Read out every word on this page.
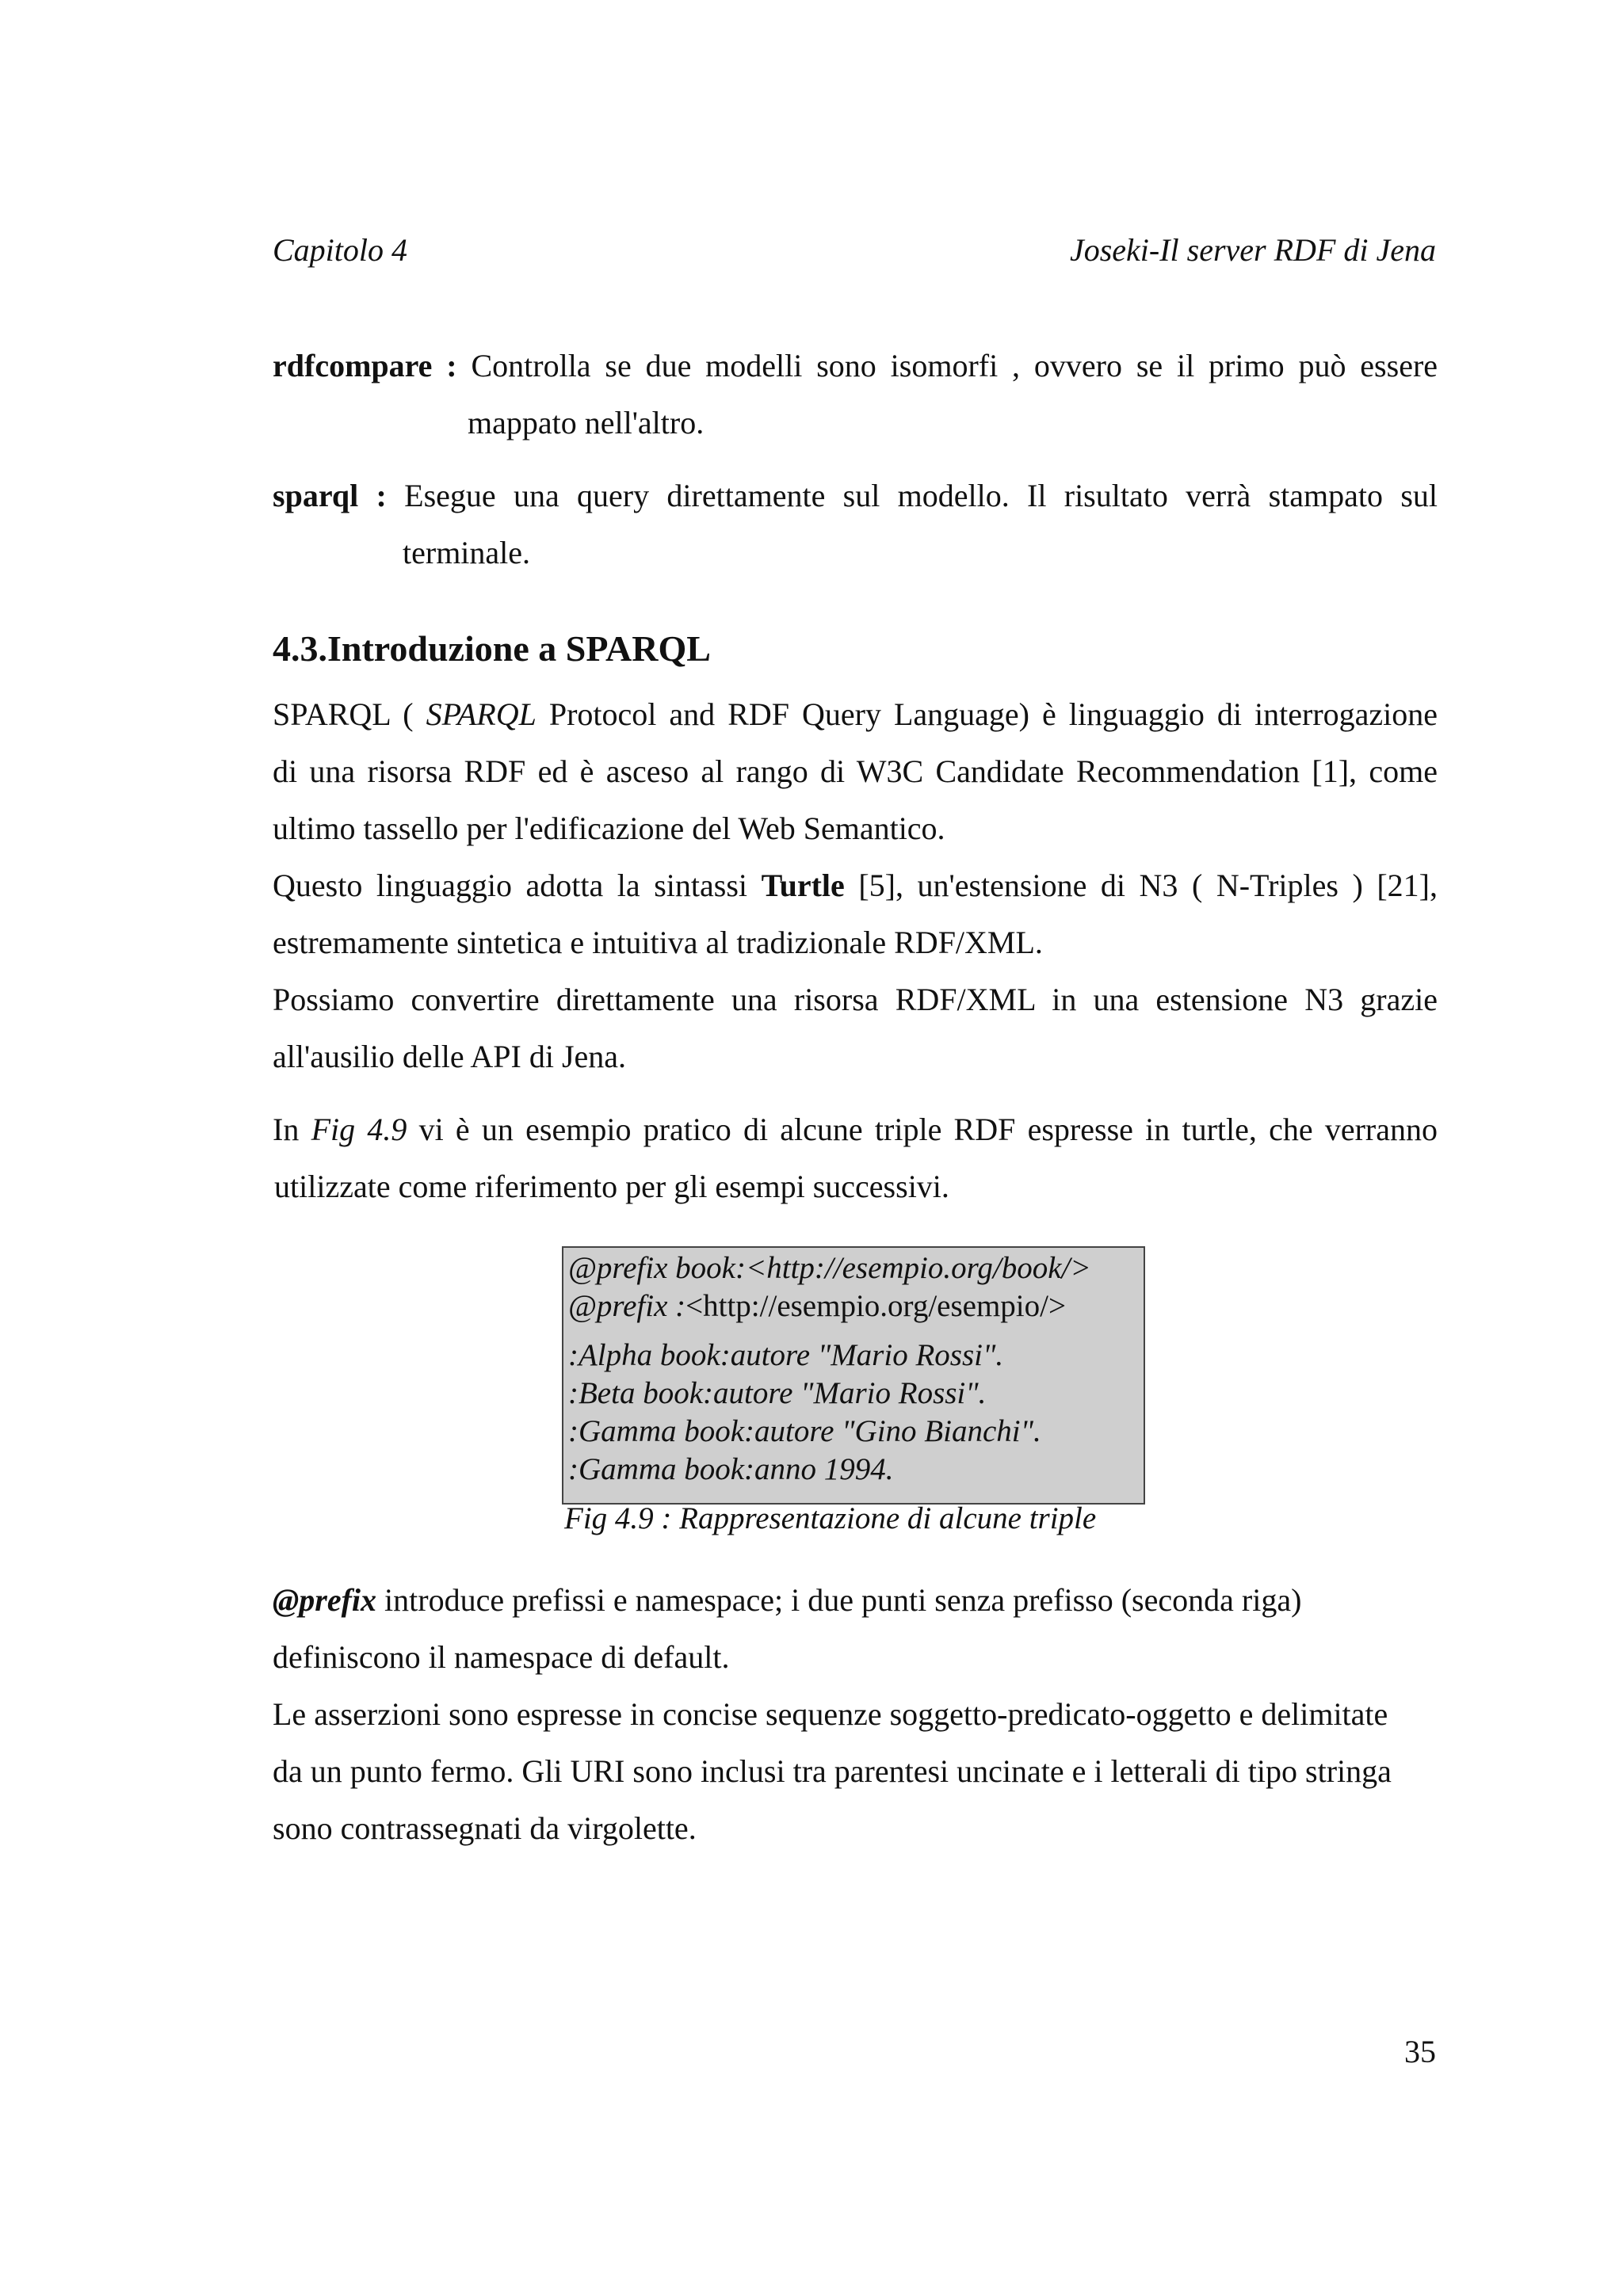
Capitolo 4	Joseki-Il server RDF di Jena
rdfcompare : Controlla se due modelli sono isomorfi , ovvero se il primo può essere
mappato nell'altro.
sparql : Esegue una query direttamente sul modello. Il risultato verrà stampato sul
terminale.
4.3.Introduzione a SPARQL
SPARQL ( SPARQL Protocol and RDF Query Language) è linguaggio di interrogazione
di una risorsa RDF ed è asceso al rango di W3C Candidate Recommendation [1], come
ultimo tassello per l'edificazione del Web Semantico.
Questo linguaggio adotta la sintassi Turtle [5], un'estensione di N3 ( N-Triples ) [21],
estremamente sintetica e intuitiva al tradizionale RDF/XML.
Possiamo convertire direttamente una risorsa RDF/XML in una estensione N3 grazie
all'ausilio delle API di Jena.
In Fig 4.9 vi è un esempio pratico di alcune triple RDF espresse in turtle, che verranno
utilizzate come riferimento per gli esempi successivi.
@prefix book:<http://esempio.org/book/>
@prefix :<http://esempio.org/esempio/>
:Alpha book:autore "Mario Rossi".
:Beta book:autore "Mario Rossi".
:Gamma book:autore "Gino Bianchi".
:Gamma book:anno 1994.
Fig 4.9 : Rappresentazione di alcune triple
@prefix introduce prefissi e namespace; i due punti senza prefisso (seconda riga)
definiscono il namespace di default.
Le asserzioni sono espresse in concise sequenze soggetto-predicato-oggetto e delimitate
da un punto fermo. Gli URI sono inclusi tra parentesi uncinate e i letterali di tipo stringa
sono contrassegnati da virgolette.
35
